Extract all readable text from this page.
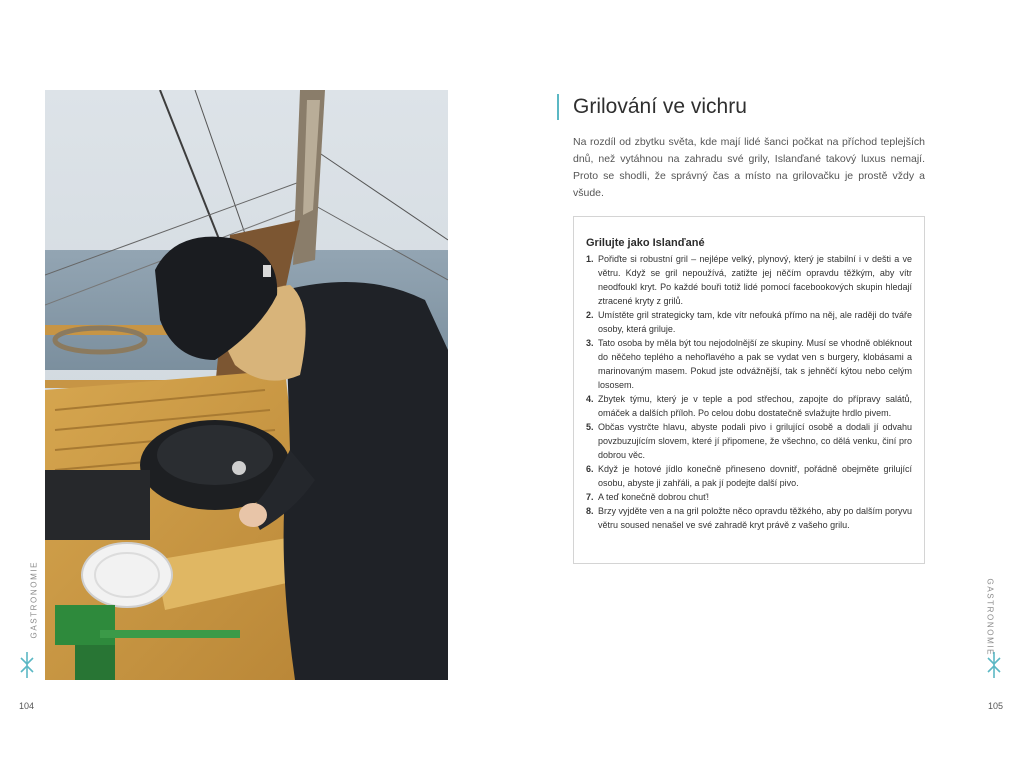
GASTRONOMIE
104
Grilování ve vichru

Na rozdíl od zbytku světa, kde mají lidé šanci počkat na příchod teplejších dnů, než vytáhnou na zahradu své grily, Islanďané takový luxus nemají. Proto se shodli, že správný čas a místo na grilovačku je prostě vždy a všude.

Grilujte jako Islanďané
1. Pořiďte si robustní gril – nejlépe velký, plynový, který je stabilní i v dešti a ve větru. Když se gril nepoužívá, zatižte jej něčím opravdu těžkým, aby vítr neodfoukl kryt. Po každé bouři totiž lidé pomocí facebookových skupin hledají ztracené kryty z grilů.
2. Umístěte gril strategicky tam, kde vítr nefouká přímo na něj, ale raději do tváře osoby, která griluje.
3. Tato osoba by měla být tou nejodolnější ze skupiny. Musí se vhodně obléknout do něčeho teplého a nehořlavého a pak se vydat ven s burgery, klobásami a marinovaným masem. Pokud jste odvážnější, tak s jehněčí kýtou nebo celým lososem.
4. Zbytek týmu, který je v teple a pod střechou, zapojte do přípravy salátů, omáček a dalších příloh. Po celou dobu dostatečně svlažujte hrdlo pivem.
5. Občas vystrčte hlavu, abyste podali pivo i grilující osobě a dodali jí odvahu povzbuzujícím slovem, které jí připomene, že všechno, co dělá venku, činí pro dobrou věc.
6. Když je hotové jídlo konečně přineseno dovnitř, pořádně obejměte grilující osobu, abyste ji zahřáli, a pak jí podejte další pivo.
7. A teď konečně dobrou chuť!
8. Brzy vyjděte ven a na gril položte něco opravdu těžkého, aby po dalším poryvu větru soused nenašel ve své zahradě kryt právě z vašeho grilu.
GASTRONOMIE
105
